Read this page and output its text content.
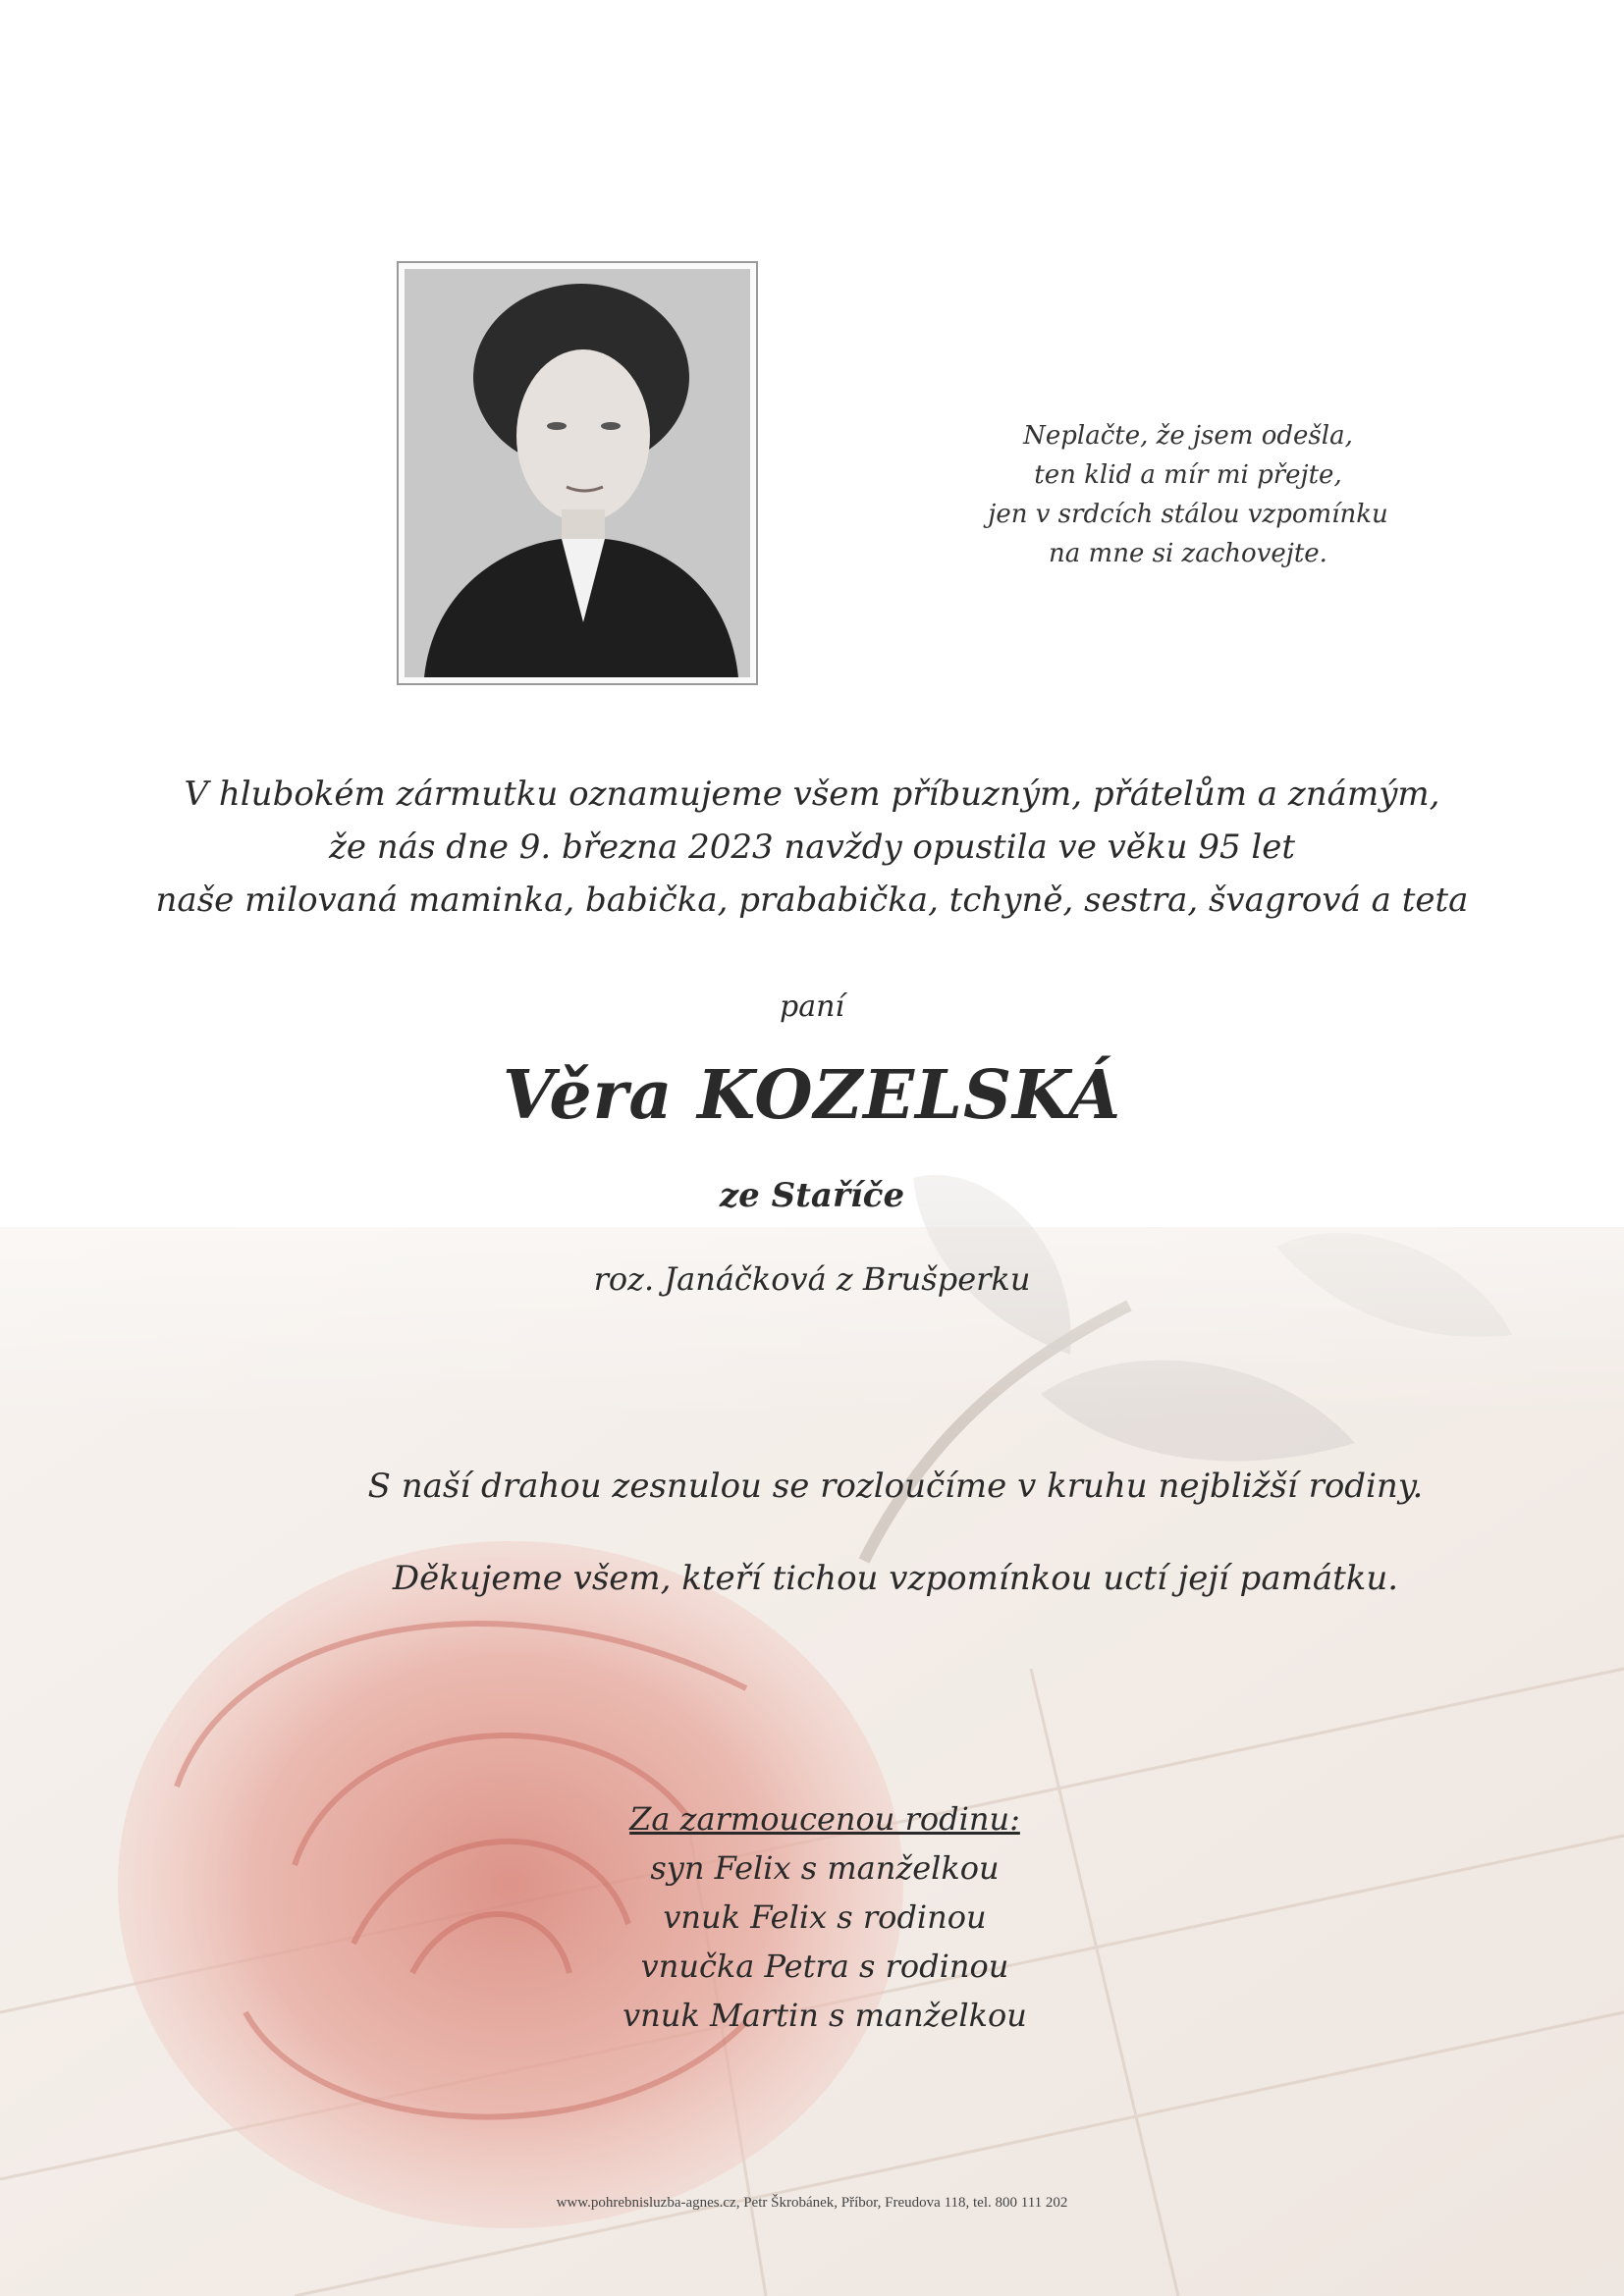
Neplačte, že jsem odešla,
ten klid a mír mi přejte,
jen v srdcích stálou vzpomínku
na mne si zachovejte.
V hlubokém zármutku oznamujeme všem příbuzným, přátelům a známým,
že nás dne 9. března 2023 navždy opustila ve věku 95 let
naše milovaná maminka, babička, prababička, tchyně, sestra, švagrová a teta
paní
Věra KOZELSKÁ
ze Staříče
roz. Janáčková z Brušperku
S naší drahou zesnulou se rozloučíme v kruhu nejbližší rodiny.
Děkujeme všem, kteří tichou vzpomínkou uctí její památku.
Za zarmoucenou rodinu:
syn Felix s manželkou
vnuk Felix s rodinou
vnučka Petra s rodinou
vnuk Martin s manželkou
www.pohrebnisluzba-agnes.cz, Petr Škrobánek, Příbor, Freudova 118, tel. 800 111 202
